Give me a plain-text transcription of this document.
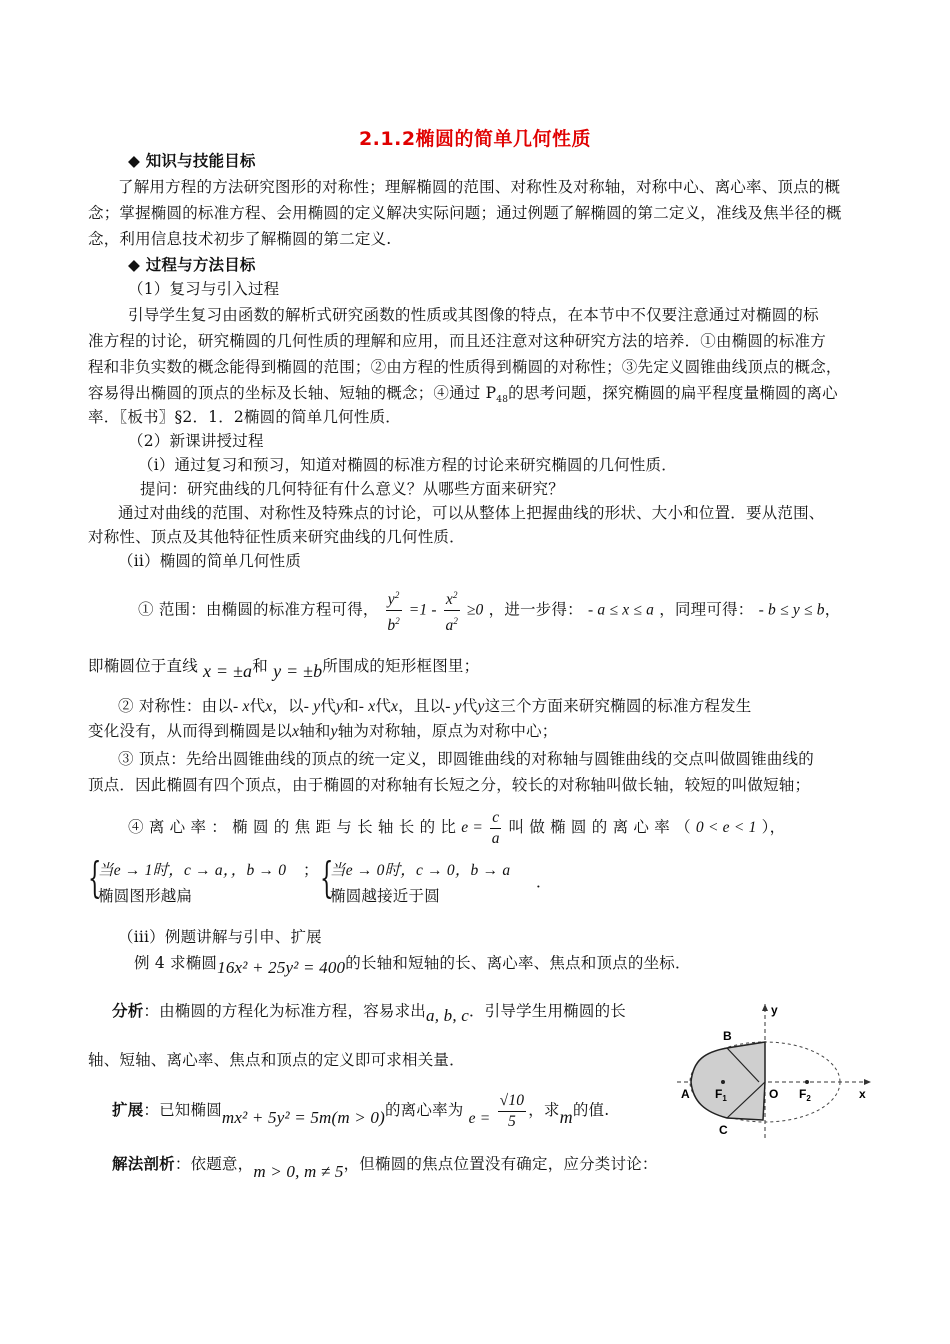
2.1.2椭圆的简单几何性质
◆ 知识与技能目标
了解用方程的方法研究图形的对称性；理解椭圆的范围、对称性及对称轴，对称中心、离心率、顶点的概
念；掌握椭圆的标准方程、会用椭圆的定义解决实际问题；通过例题了解椭圆的第二定义，准线及焦半径的概
念，利用信息技术初步了解椭圆的第二定义.
◆ 过程与方法目标
（1）复习与引入过程
引导学生复习由函数的解析式研究函数的性质或其图像的特点，在本节中不仅要注意通过对椭圆的标
准方程的讨论，研究椭圆的几何性质的理解和应用，而且还注意对这种研究方法的培养．①由椭圆的标准方
程和非负实数的概念能得到椭圆的范围；②由方程的性质得到椭圆的对称性；③先定义圆锥曲线顶点的概念，
容易得出椭圆的顶点的坐标及长轴、短轴的概念；④通过 $P_{48}$的思考问题，探究椭圆的扁平程度量椭圆的离心
率．〖板书〗§2．1．2椭圆的简单几何性质．
（2）新课讲授过程
（i）通过复习和预习，知道对椭圆的标准方程的讨论来研究椭圆的几何性质．
提问：研究曲线的几何特征有什么意义？从哪些方面来研究？
通过对曲线的范围、对称性及特殊点的讨论，可以从整体上把握曲线的形状、大小和位置．要从范围、
对称性、顶点及其他特征性质来研究曲线的几何性质．
（ii）椭圆的简单几何性质
① 范围：由椭圆的标准方程可得， $\frac{y^2}{b^2} =1 - \frac{x^2}{a^2} \ge 0$ ，进一步得： - a ≤ x ≤ a ，同理可得： - b ≤ y ≤ b，
即椭圆位于直线 x = ±a和 y = ±b所围成的矩形框图里；
② 对称性：由以- x代x，以- y代y和- x代x，且以- y代y这三个方面来研究椭圆的标准方程发生
变化没有，从而得到椭圆是以x轴和y轴为对称轴，原点为对称中心；
③ 顶点：先给出圆锥曲线的顶点的统一定义，即圆锥曲线的对称轴与圆锥曲线的交点叫做圆锥曲线的
顶点．因此椭圆有四个顶点，由于椭圆的对称轴有长短之分，较长的对称轴叫做长轴，较短的叫做短轴；
④ 离 心 率 ： 椭 圆 的 焦 距 与 长 轴 长 的 比 $e = \frac{c}{a}$ 叫 做 椭 圆 的 离 心 率 （ 0 < e < 1 ），
{
当e → 1时，c → a，，b → 0
椭圆图形越扁
； {
当e → 0时，c → 0，b → a
椭圆越接近于圆
．
（iii）例题讲解与引申、扩展
例 4 求椭圆16x² + 25y² = 400的长轴和短轴的长、离心率、焦点和顶点的坐标．
分析：由椭圆的方程化为标准方程，容易求出a, b, c．引导学生用椭圆的长
轴、短轴、离心率、焦点和顶点的定义即可求相关量．
扩展：已知椭圆mx² + 5y² = 5m(m > 0)的离心率为 $e = \frac{√10}{5}$ ，求m的值.
解法剖析：依题意，m > 0, m ≠ 5，但椭圆的焦点位置没有确定，应分类讨论：
y
x
A
B
C
O
$F_1$	$F_2$
